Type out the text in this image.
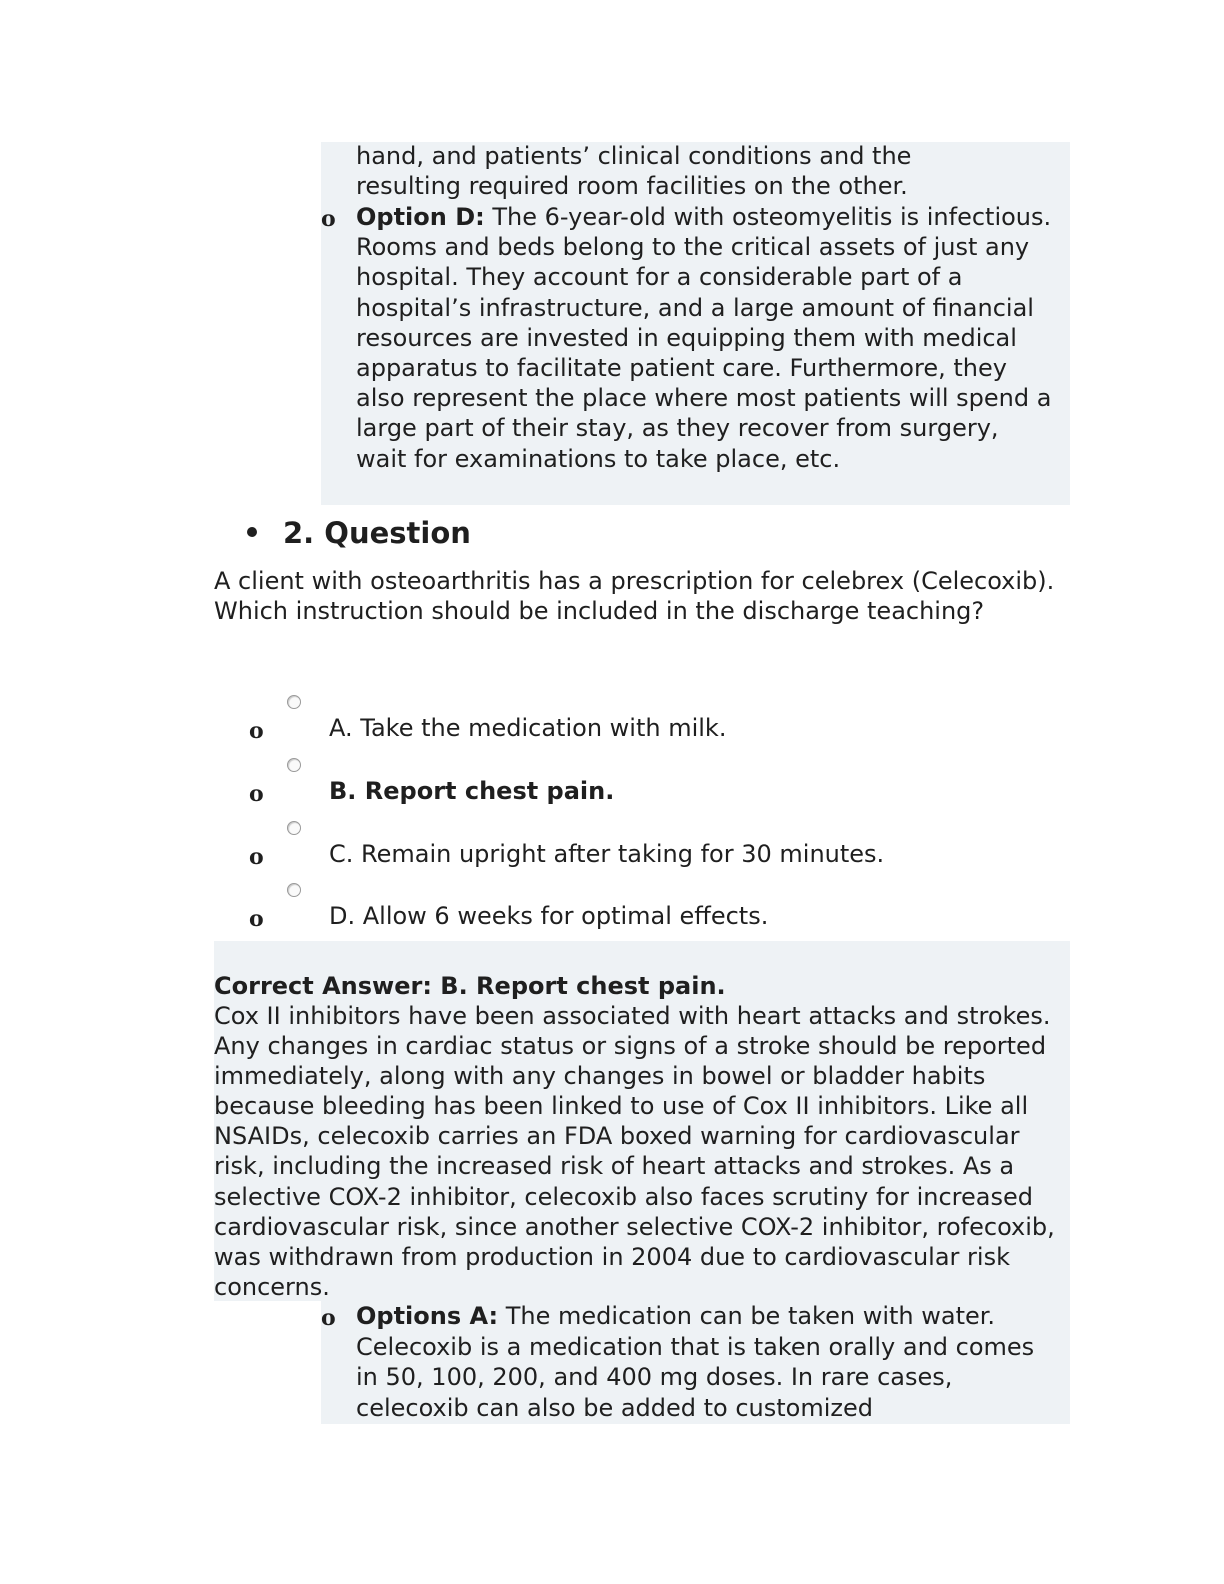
hand, and patients’ clinical conditions and the
resulting required room facilities on the other.
o Option D: The 6-year-old with osteomyelitis is infectious. Rooms and beds belong to the critical assets of just any hospital. They account for a considerable part of a hospital’s infrastructure, and a large amount of financial resources are invested in equipping them with medical apparatus to facilitate patient care. Furthermore, they also represent the place where most patients will spend a large part of their stay, as they recover from surgery, wait for examinations to take place, etc.
2. Question
A client with osteoarthritis has a prescription for celebrex (Celecoxib). Which instruction should be included in the discharge teaching?
o	A. Take the medication with milk.
o	B. Report chest pain.
o	C. Remain upright after taking for 30 minutes.
o	D. Allow 6 weeks for optimal effects.
Correct Answer: B. Report chest pain.
Cox II inhibitors have been associated with heart attacks and strokes. Any changes in cardiac status or signs of a stroke should be reported immediately, along with any changes in bowel or bladder habits because bleeding has been linked to use of Cox II inhibitors. Like all NSAIDs, celecoxib carries an FDA boxed warning for cardiovascular risk, including the increased risk of heart attacks and strokes. As a selective COX-2 inhibitor, celecoxib also faces scrutiny for increased cardiovascular risk, since another selective COX-2 inhibitor, rofecoxib, was withdrawn from production in 2004 due to cardiovascular risk concerns.
o Options A: The medication can be taken with water. Celecoxib is a medication that is taken orally and comes in 50, 100, 200, and 400 mg doses. In rare cases, celecoxib can also be added to customized
